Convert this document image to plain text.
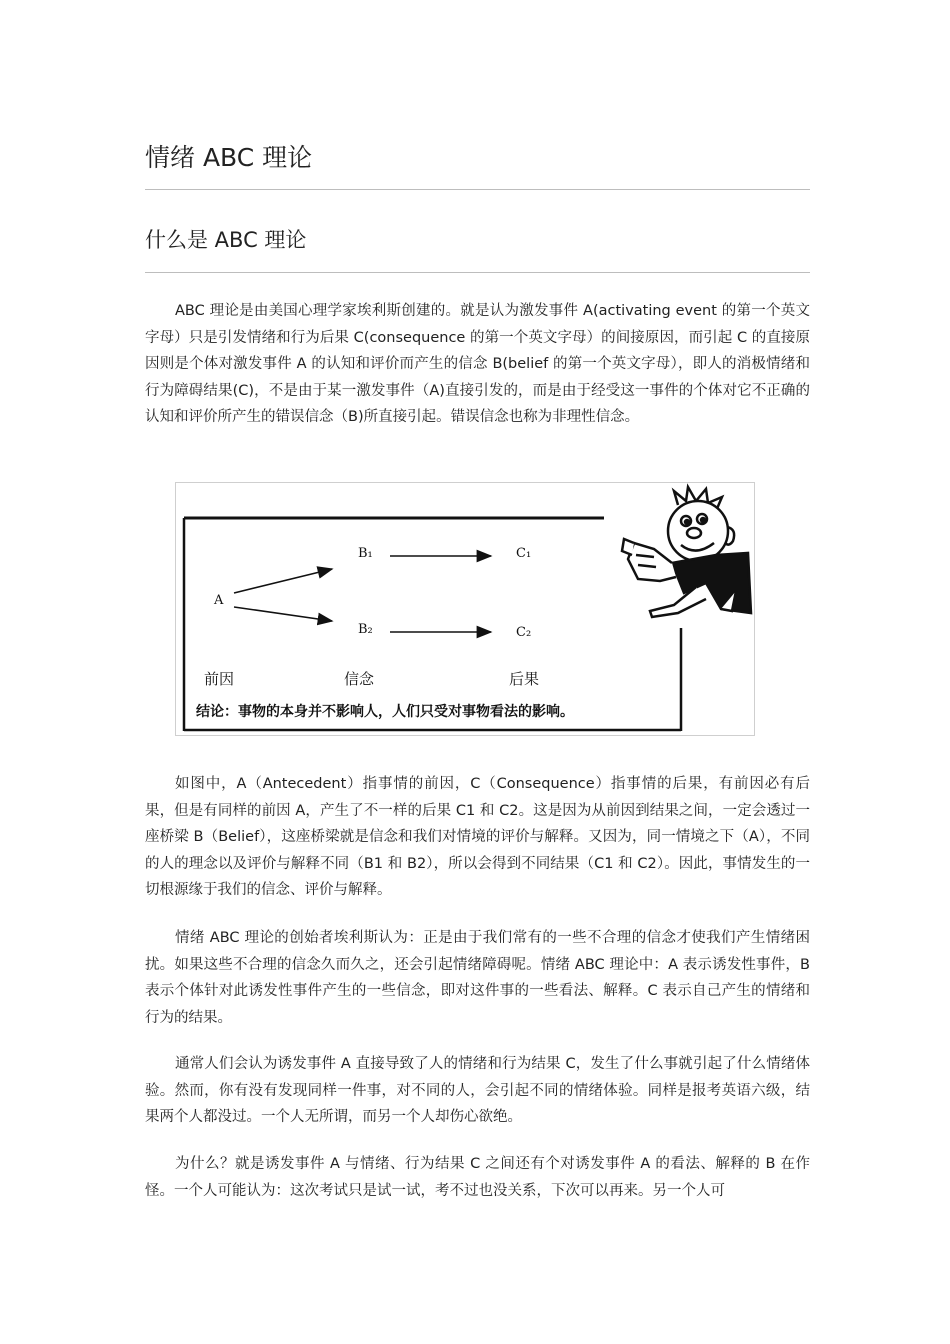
情绪 ABC 理论
什么是 ABC 理论

ABC 理论是由美国心理学家埃利斯创建的。就是认为激发事件 A(activating event 的第一个英文字母）只是引发情绪和行为后果 C(consequence 的第一个英文字母）的间接原因，而引起 C 的直接原因则是个体对激发事件 A 的认知和评价而产生的信念 B(belief 的第一个英文字母），即人的消极情绪和行为障碍结果(C)，不是由于某一激发事件（A)直接引发的，而是由于经受这一事件的个体对它不正确的认知和评价所产生的错误信念（B)所直接引起。错误信念也称为非理性信念。

A
B₁
B₂
C₁
C₂
前因	信念	后果
结论：事物的本身并不影响人，人们只受对事物看法的影响。

如图中，A（Antecedent）指事情的前因，C（Consequence）指事情的后果，有前因必有后果，但是有同样的前因 A，产生了不一样的后果 C1 和 C2。这是因为从前因到结果之间，一定会透过一座桥梁 B（Belief），这座桥梁就是信念和我们对情境的评价与解释。又因为，同一情境之下（A），不同的人的理念以及评价与解释不同（B1 和 B2），所以会得到不同结果（C1 和 C2）。因此，事情发生的一切根源缘于我们的信念、评价与解释。

情绪 ABC 理论的创始者埃利斯认为：正是由于我们常有的一些不合理的信念才使我们产生情绪困扰。如果这些不合理的信念久而久之，还会引起情绪障碍呢。情绪 ABC 理论中：A 表示诱发性事件，B 表示个体针对此诱发性事件产生的一些信念，即对这件事的一些看法、解释。C 表示自己产生的情绪和行为的结果。

通常人们会认为诱发事件 A 直接导致了人的情绪和行为结果 C，发生了什么事就引起了什么情绪体验。然而，你有没有发现同样一件事，对不同的人，会引起不同的情绪体验。同样是报考英语六级，结果两个人都没过。一个人无所谓，而另一个人却伤心欲绝。

为什么？就是诱发事件 A 与情绪、行为结果 C 之间还有个对诱发事件 A 的看法、解释的 B 在作怪。一个人可能认为：这次考试只是试一试，考不过也没关系，下次可以再来。另一个人可
